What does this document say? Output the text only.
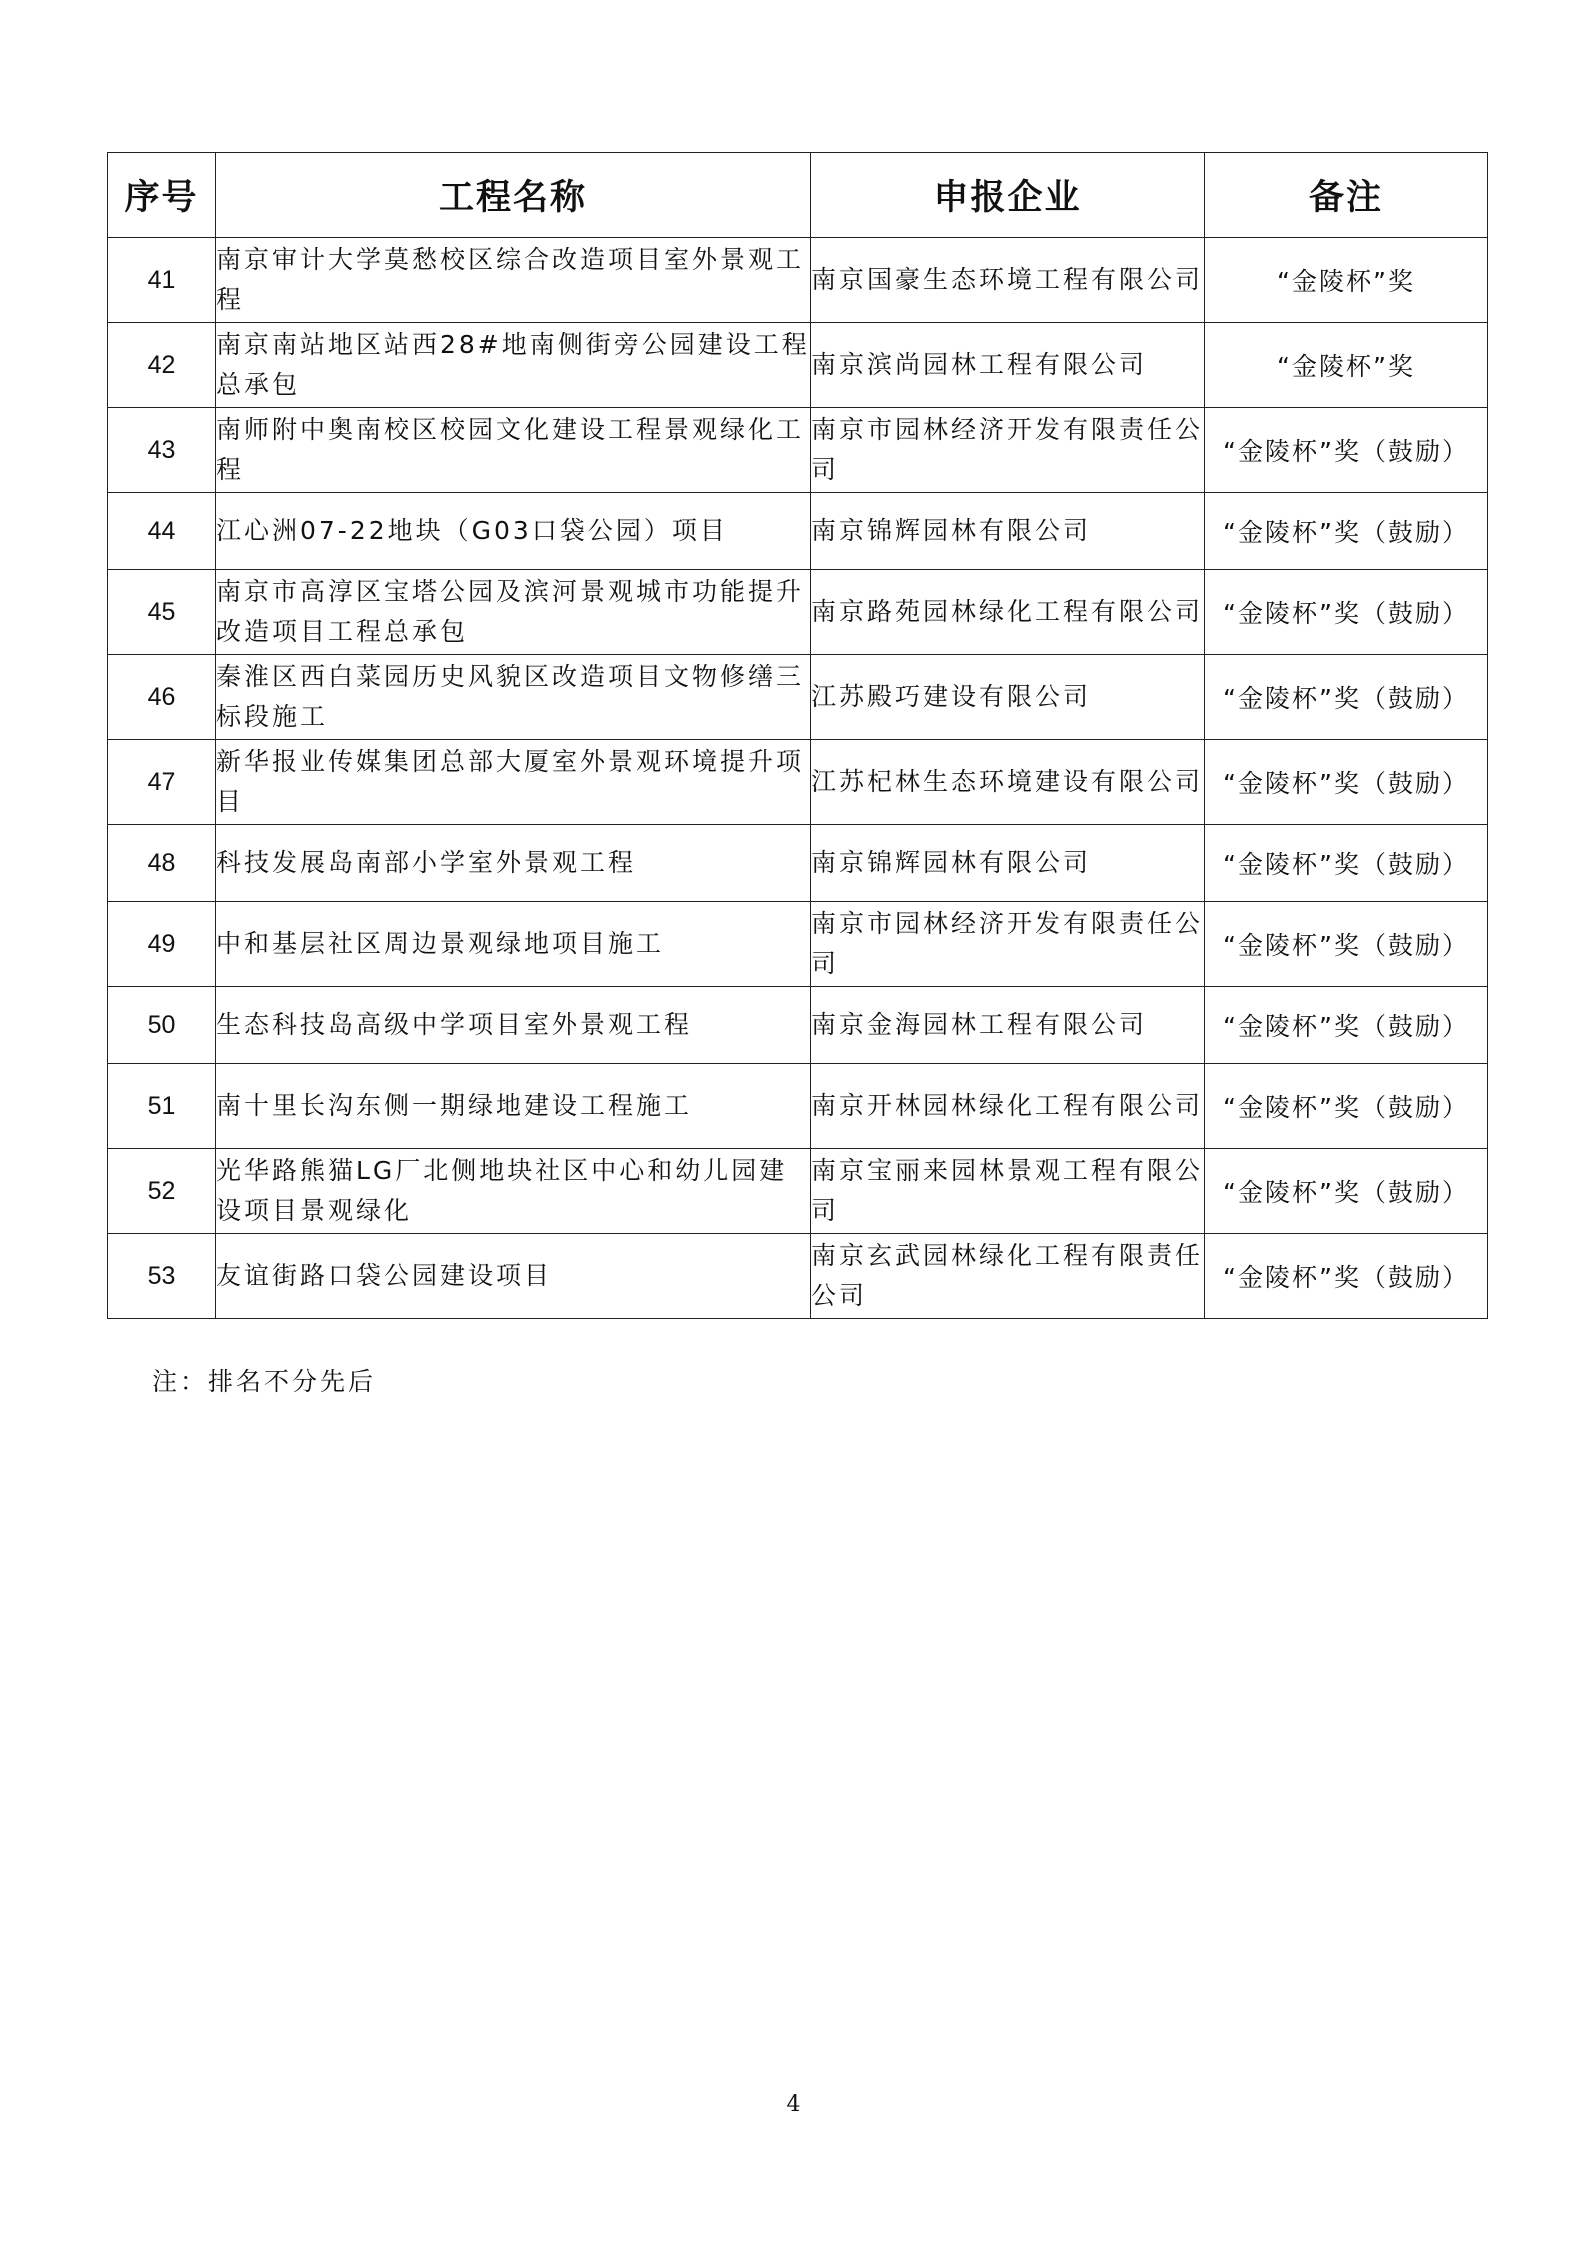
序号	工程名称	申报企业	备注
41	南京审计大学莫愁校区综合改造项目室外景观工程	南京国豪生态环境工程有限公司	“金陵杯”奖
42	南京南站地区站西28#地南侧街旁公园建设工程总承包	南京滨尚园林工程有限公司	“金陵杯”奖
43	南师附中奥南校区校园文化建设工程景观绿化工程	南京市园林经济开发有限责任公司	“金陵杯”奖（鼓励）
44	江心洲07-22地块（G03口袋公园）项目	南京锦辉园林有限公司	“金陵杯”奖（鼓励）
45	南京市高淳区宝塔公园及滨河景观城市功能提升改造项目工程总承包	南京路苑园林绿化工程有限公司	“金陵杯”奖（鼓励）
46	秦淮区西白菜园历史风貌区改造项目文物修缮三标段施工	江苏殿巧建设有限公司	“金陵杯”奖（鼓励）
47	新华报业传媒集团总部大厦室外景观环境提升项目	江苏杞林生态环境建设有限公司	“金陵杯”奖（鼓励）
48	科技发展岛南部小学室外景观工程	南京锦辉园林有限公司	“金陵杯”奖（鼓励）
49	中和基层社区周边景观绿地项目施工	南京市园林经济开发有限责任公司	“金陵杯”奖（鼓励）
50	生态科技岛高级中学项目室外景观工程	南京金海园林工程有限公司	“金陵杯”奖（鼓励）
51	南十里长沟东侧一期绿地建设工程施工	南京开林园林绿化工程有限公司	“金陵杯”奖（鼓励）
52	光华路熊猫LG厂北侧地块社区中心和幼儿园建设项目景观绿化	南京宝丽来园林景观工程有限公司	“金陵杯”奖（鼓励）
53	友谊街路口袋公园建设项目	南京玄武园林绿化工程有限责任公司	“金陵杯”奖（鼓励）
注：排名不分先后
4
